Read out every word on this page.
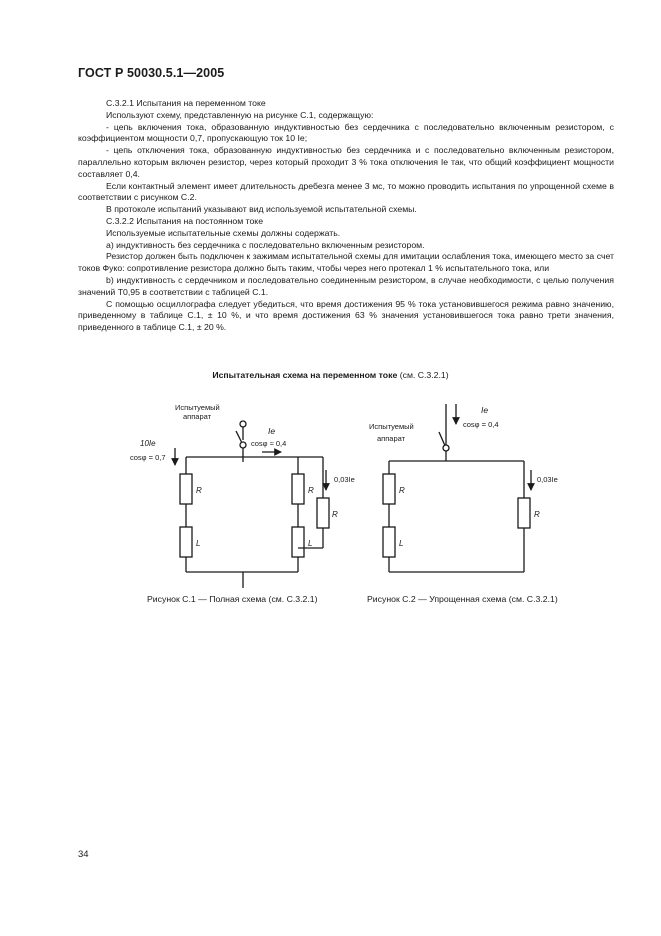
ГОСТ Р 50030.5.1—2005

С.3.2.1 Испытания на переменном токе

Используют схему, представленную на рисунке С.1, содержащую:

- цепь включения тока, образованную индуктивностью без сердечника с последовательно включенным резистором, с коэффициентом мощности 0,7, пропускающую ток 10 Ie;

- цепь отключения тока, образованную индуктивностью без сердечника и с последовательно включенным резистором, параллельно которым включен резистор, через который проходит 3 % тока отключения Ie так, что общий коэффициент мощности составляет 0,4.

Если контактный элемент имеет длительность дребезга менее 3 мс, то можно проводить испытания по упрощенной схеме в соответствии с рисунком С.2.

В протоколе испытаний указывают вид используемой испытательной схемы.

С.3.2.2 Испытания на постоянном токе

Используемые испытательные схемы должны содержать.

а) индуктивность без сердечника с последовательно включенным резистором.

Резистор должен быть подключен к зажимам испытательной схемы для имитации ослабления тока, имеющего место за счет токов Фуко: сопротивление резистора должно быть таким, чтобы через него протекал 1 % испытательного тока, или

b) индуктивность с сердечником и последовательно соединенным резистором, в случае необходимости, с целью получения значений T0,95 в соответствии с таблицей С.1.

С помощью осциллографа следует убедиться, что время достижения 95 % тока установившегося режима равно значению, приведенному в таблице С.1, ± 10 %, и что время достижения 63 % значения установившегося тока равно трети значения, приведенного в таблице С.1, ± 20 %.

Испытательная схема на переменном токе (см. С.3.2.1)
Испытуемый
аппарат
10Ie
cosφ = 0,7
Ie
cosφ ≈ 0,4
0,03Ie
R
L
R
L
R
Испытуемый
аппарат
Ie
cosφ = 0,4
0,03Ie
R
L
R
Рисунок С.1 — Полная схема (см. С.3.2.1)	Рисунок С.2 — Упрощенная схема (см. С.3.2.1)
34
